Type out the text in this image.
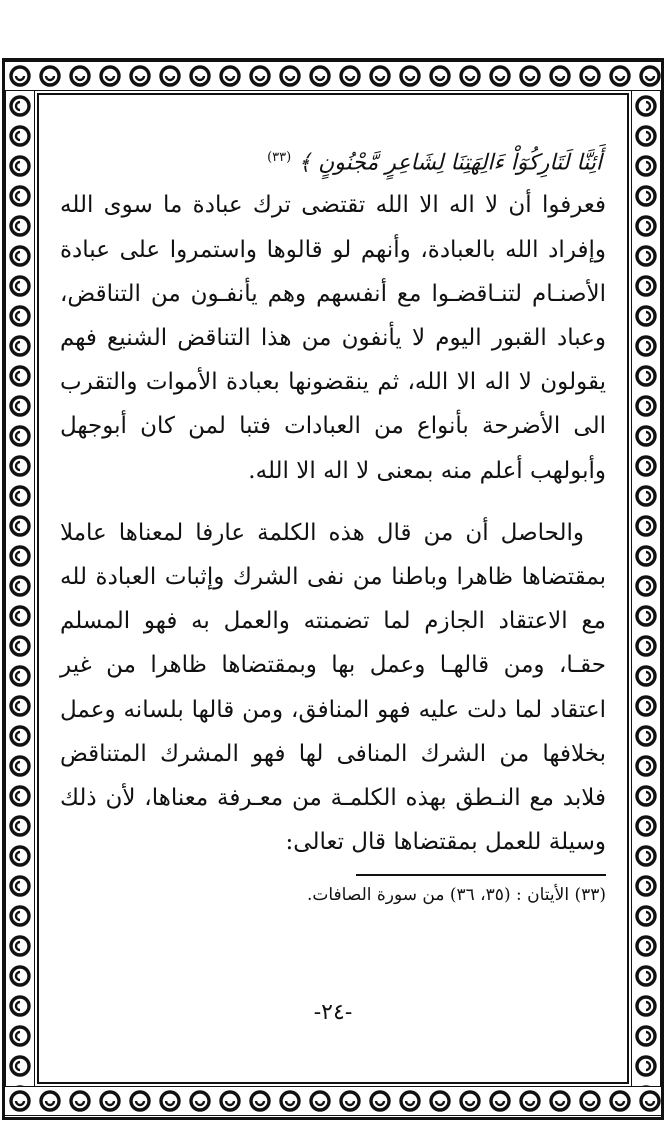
أَئِنَّا لَتَارِكُوٓاْ ءَالِهَتِنَا لِشَاعِرٍ مَّجْنُونٍ ﴾ $^{(٣٣)}$

فعرفوا أن لا اله الا الله تقتضى ترك عبادة ما سوى الله وإفراد الله بالعبادة، وأنهم لو قالوها واستمروا على عبادة الأصنـام لتنـاقضـوا مع أنفسهم وهم يأنفـون من التناقض، وعباد القبور اليوم لا يأنفون من هذا التناقض الشنيع فهم يقولون لا اله الا الله، ثم ينقضونها بعبادة الأموات والتقرب الى الأضرحة بأنواع من العبادات فتبا لمن كان أبوجهل وأبولهب أعلم منه بمعنى لا اله الا الله.

والحاصل أن من قال هذه الكلمة عارفا لمعناها عاملا بمقتضاها ظاهرا وباطنا من نفى الشرك وإثبات العبادة لله مع الاعتقاد الجازم لما تضمنته والعمل به فهو المسلم حقـا، ومن قالهـا وعمل بها وبمقتضاها ظاهرا من غير اعتقاد لما دلت عليه فهو المنافق، ومن قالها بلسانه وعمل بخلافها من الشرك المنافى لها فهو المشرك المتناقض فلابد مع النـطق بهذه الكلمـة من معـرفة معناها، لأن ذلك وسيلة للعمل بمقتضاها قال تعالى:

(٣٣) الأيتان : (٣٥، ٣٦) من سورة الصافات.
-٢٤-
